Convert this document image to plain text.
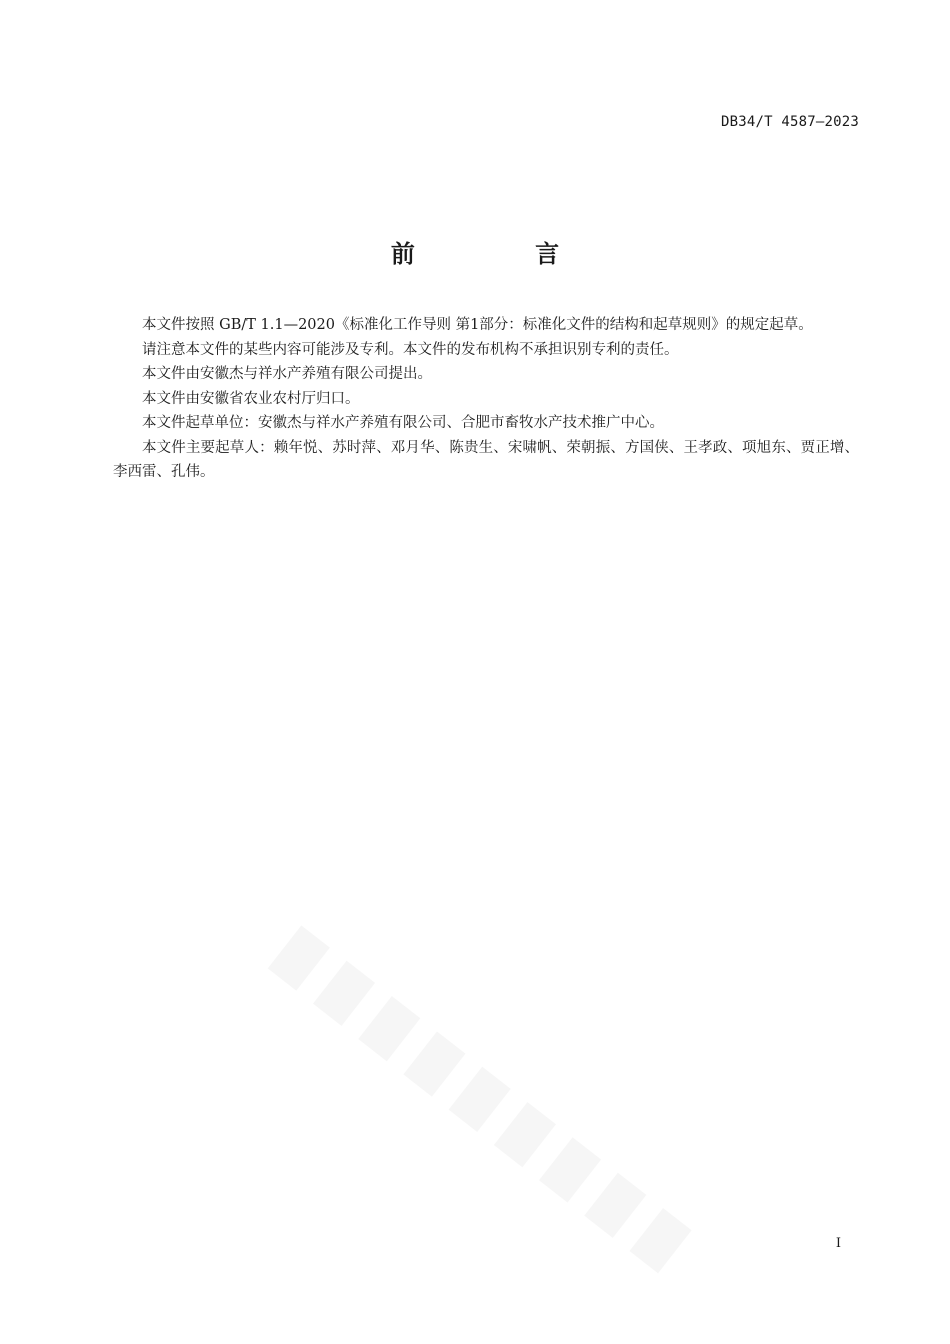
DB34/T 4587—2023
前 言

本文件按照 GB/T 1.1—2020《标准化工作导则 第1部分：标准化文件的结构和起草规则》的规定起草。

请注意本文件的某些内容可能涉及专利。本文件的发布机构不承担识别专利的责任。

本文件由安徽杰与祥水产养殖有限公司提出。

本文件由安徽省农业农村厅归口。

本文件起草单位：安徽杰与祥水产养殖有限公司、合肥市畜牧水产技术推广中心。

本文件主要起草人：赖年悦、苏时萍、邓月华、陈贵生、宋啸帆、荣朝振、方国侠、王孝政、项旭东、贾正增、李西雷、孔伟。

I
